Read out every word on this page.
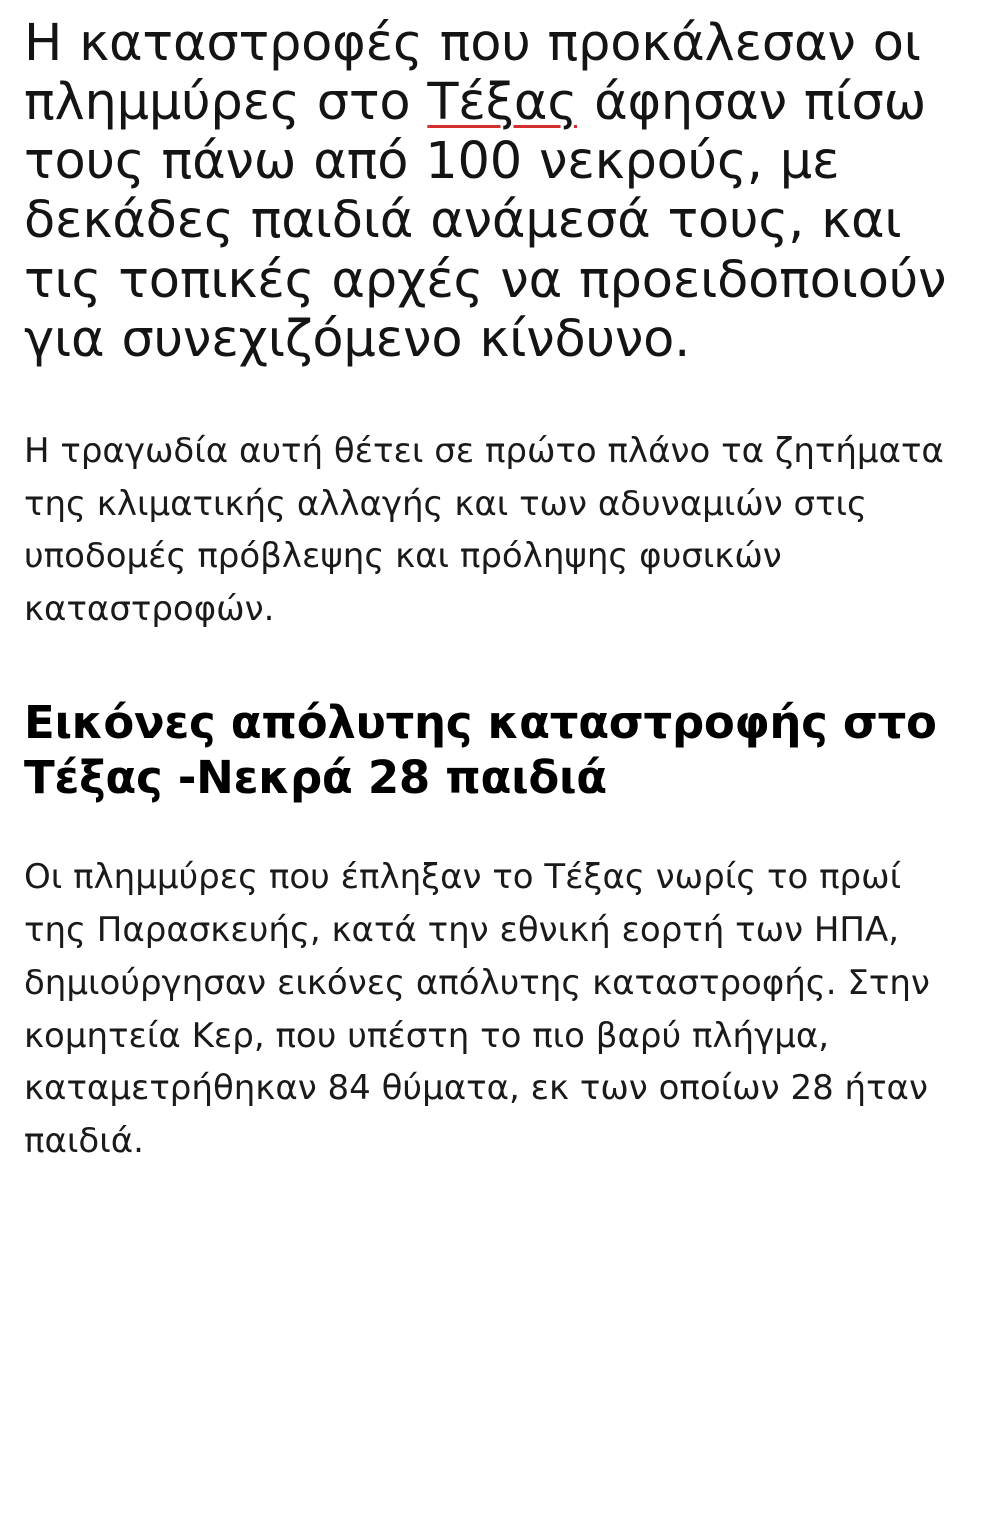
Η καταστροφές που προκάλεσαν οι πλημμύρες στο Τέξας άφησαν πίσω τους πάνω από 100 νεκρούς, με δεκάδες παιδιά ανάμεσά τους, και τις τοπικές αρχές να προειδοποιούν για συνεχιζόμενο κίνδυνο.

Η τραγωδία αυτή θέτει σε πρώτο πλάνο τα ζητήματα της κλιματικής αλλαγής και των αδυναμιών στις υποδομές πρόβλεψης και πρόληψης φυσικών καταστροφών.

Εικόνες απόλυτης καταστροφής στο Τέξας -Νεκρά 28 παιδιά

Οι πλημμύρες που έπληξαν το Τέξας νωρίς το πρωί της Παρασκευής, κατά την εθνική εορτή των ΗΠΑ, δημιούργησαν εικόνες απόλυτης καταστροφής. Στην κομητεία Κερ, που υπέστη το πιο βαρύ πλήγμα, καταμετρήθηκαν 84 θύματα, εκ των οποίων 28 ήταν παιδιά.
